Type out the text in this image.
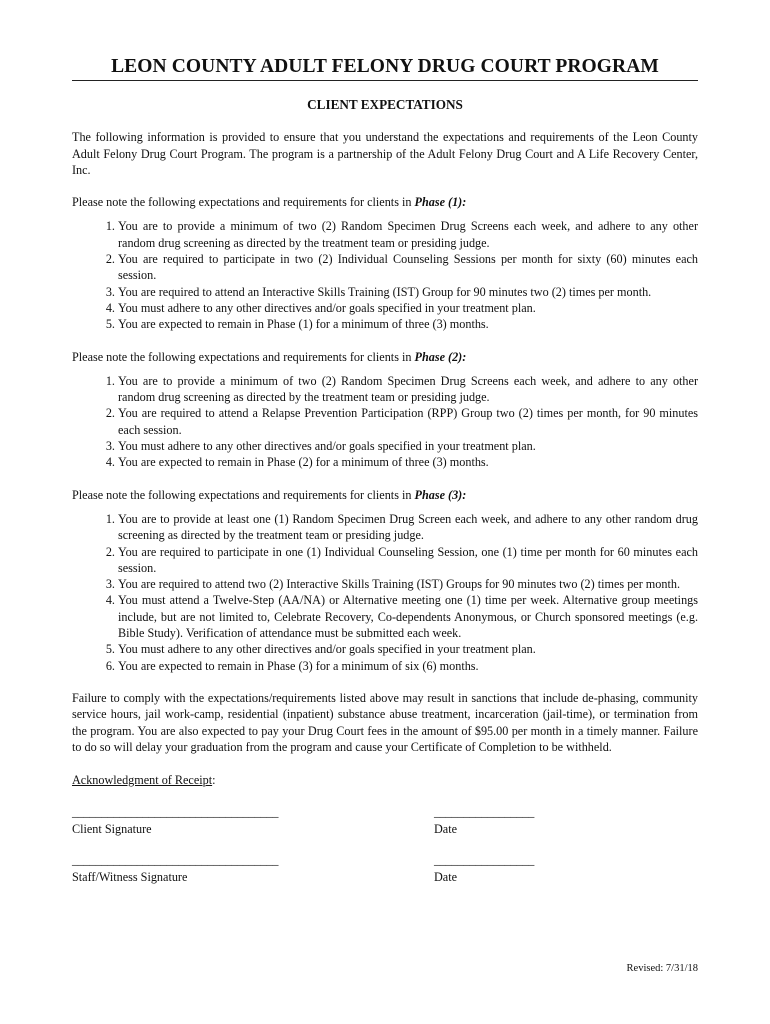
LEON COUNTY ADULT FELONY DRUG COURT PROGRAM
CLIENT EXPECTATIONS
The following information is provided to ensure that you understand the expectations and requirements of the Leon County Adult Felony Drug Court Program. The program is a partnership of the Adult Felony Drug Court and A Life Recovery Center, Inc.
Please note the following expectations and requirements for clients in Phase (1):
1. You are to provide a minimum of two (2) Random Specimen Drug Screens each week, and adhere to any other random drug screening as directed by the treatment team or presiding judge.
2. You are required to participate in two (2) Individual Counseling Sessions per month for sixty (60) minutes each session.
3. You are required to attend an Interactive Skills Training (IST) Group for 90 minutes two (2) times per month.
4. You must adhere to any other directives and/or goals specified in your treatment plan.
5. You are expected to remain in Phase (1) for a minimum of three (3) months.
Please note the following expectations and requirements for clients in Phase (2):
1. You are to provide a minimum of two (2) Random Specimen Drug Screens each week, and adhere to any other random drug screening as directed by the treatment team or presiding judge.
2. You are required to attend a Relapse Prevention Participation (RPP) Group two (2) times per month, for 90 minutes each session.
3. You must adhere to any other directives and/or goals specified in your treatment plan.
4. You are expected to remain in Phase (2) for a minimum of three (3) months.
Please note the following expectations and requirements for clients in Phase (3):
1. You are to provide at least one (1) Random Specimen Drug Screen each week, and adhere to any other random drug screening as directed by the treatment team or presiding judge.
2. You are required to participate in one (1) Individual Counseling Session, one (1) time per month for 60 minutes each session.
3. You are required to attend two (2) Interactive Skills Training (IST) Groups for 90 minutes two (2) times per month.
4. You must attend a Twelve-Step (AA/NA) or Alternative meeting one (1) time per week. Alternative group meetings include, but are not limited to, Celebrate Recovery, Co-dependents Anonymous, or Church sponsored meetings (e.g. Bible Study). Verification of attendance must be submitted each week.
5. You must adhere to any other directives and/or goals specified in your treatment plan.
6. You are expected to remain in Phase (3) for a minimum of six (6) months.
Failure to comply with the expectations/requirements listed above may result in sanctions that include de-phasing, community service hours, jail work-camp, residential (inpatient) substance abuse treatment, incarceration (jail-time), or termination from the program. You are also expected to pay your Drug Court fees in the amount of $95.00 per month in a timely manner. Failure to do so will delay your graduation from the program and cause your Certificate of Completion to be withheld.
Acknowledgment of Receipt:
___________________________________
Client Signature
_________________
Date
___________________________________
Staff/Witness Signature
_________________
Date
Revised: 7/31/18
